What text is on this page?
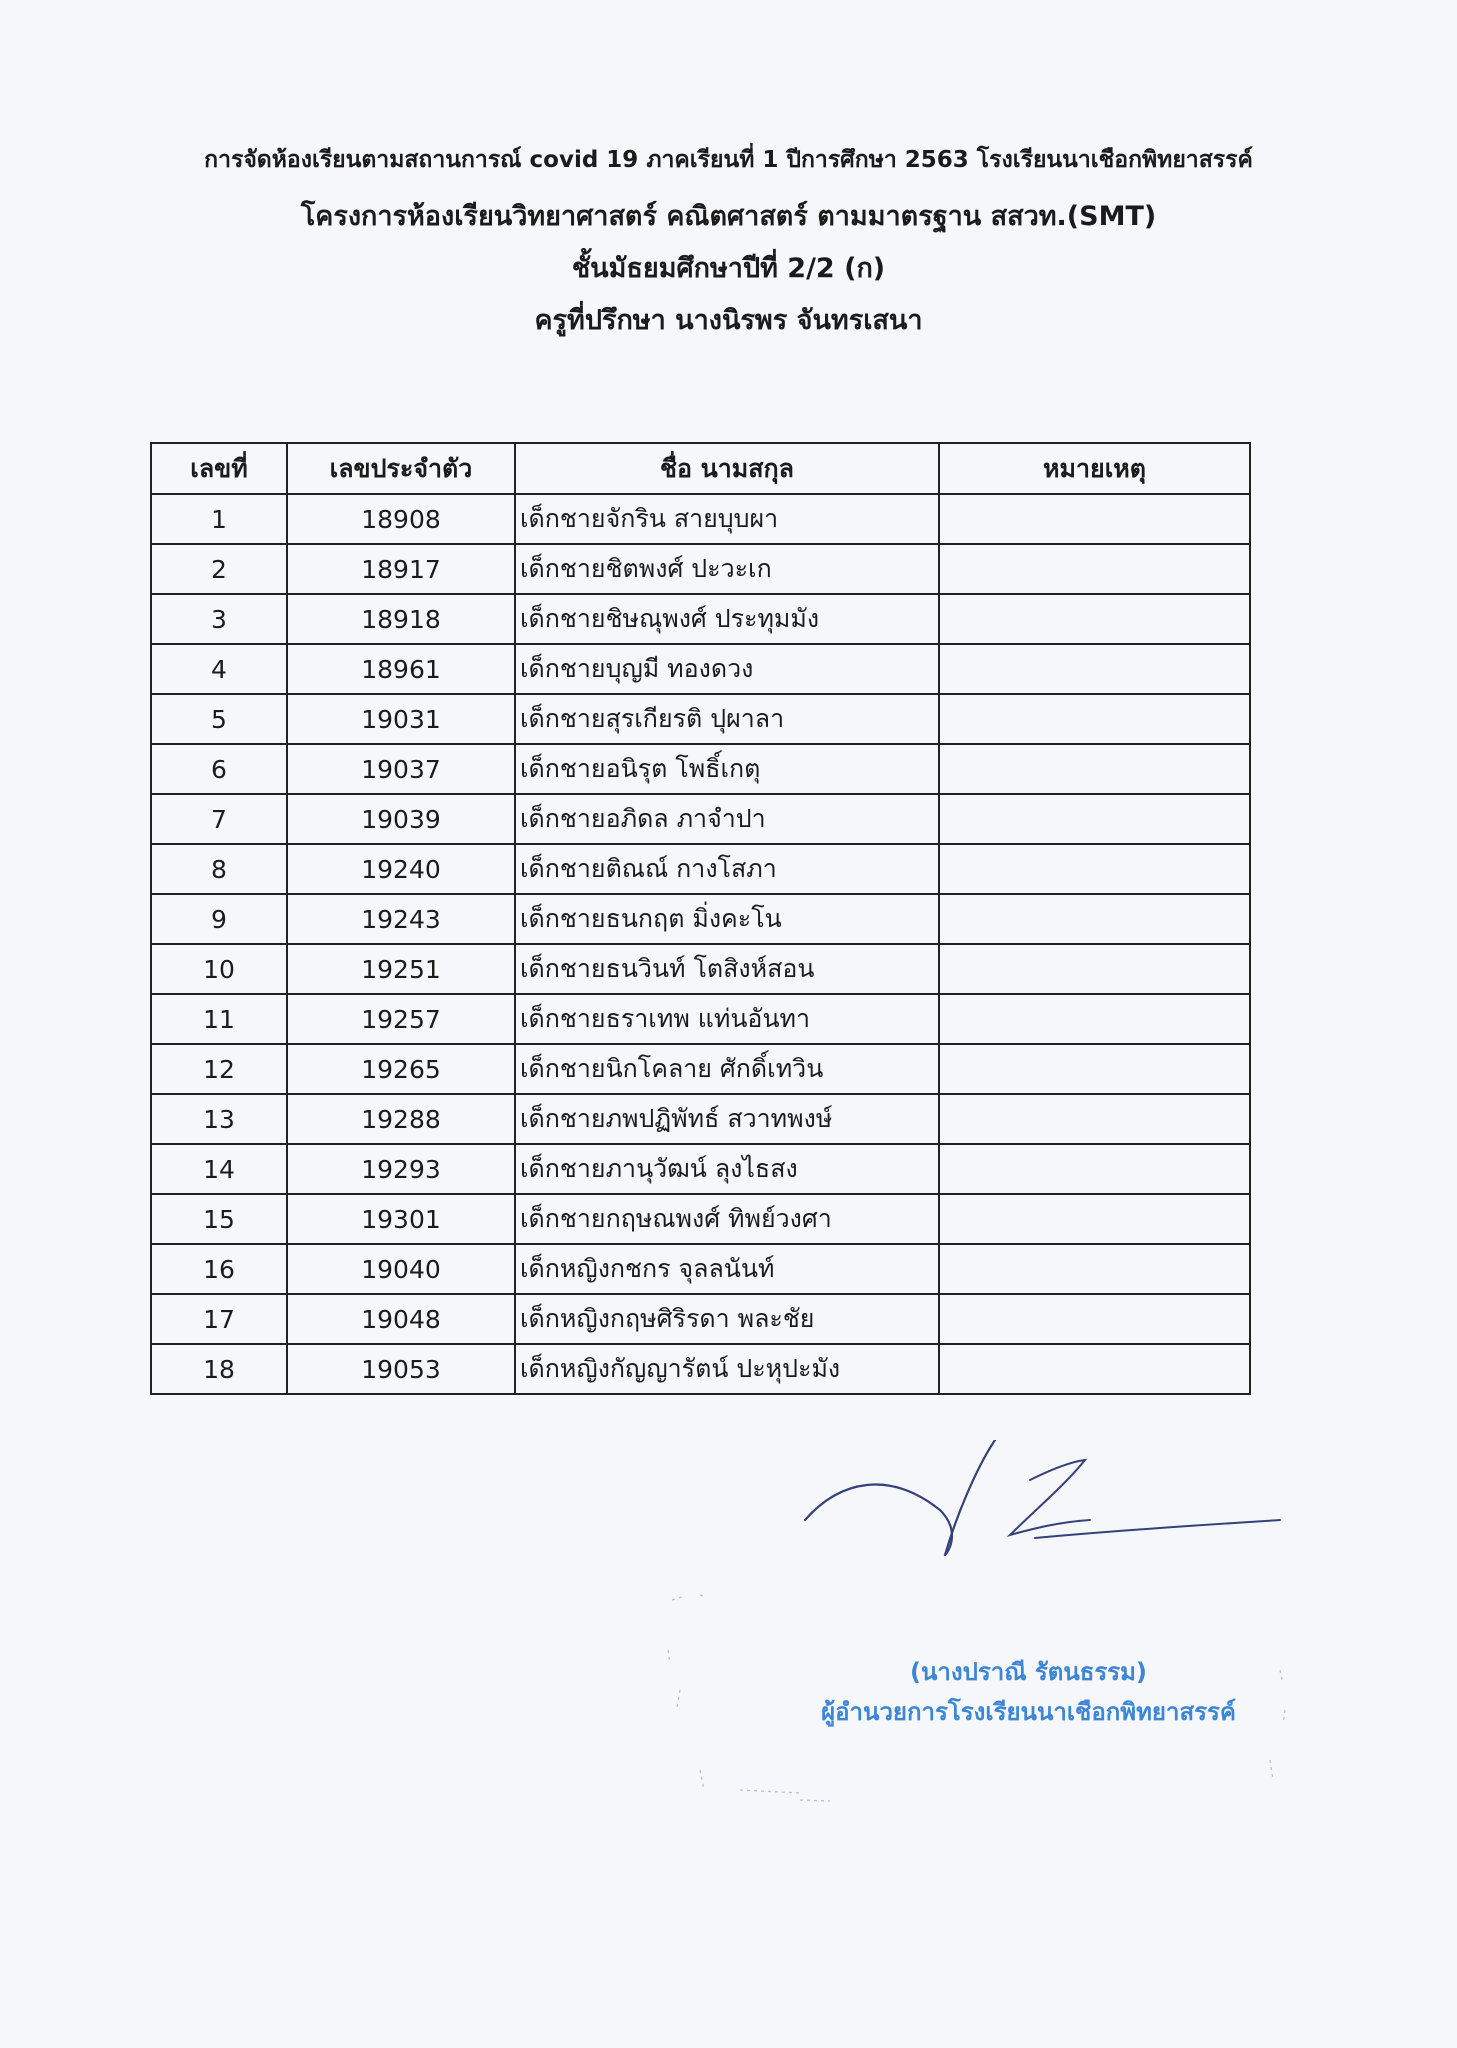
การจัดห้องเรียนตามสถานการณ์ covid 19 ภาคเรียนที่ 1 ปีการศึกษา 2563 โรงเรียนนาเชือกพิทยาสรรค์
โครงการห้องเรียนวิทยาศาสตร์ คณิตศาสตร์ ตามมาตรฐาน สสวท.(SMT)
ชั้นมัธยมศึกษาปีที่ 2/2 (ก)
ครูที่ปรึกษา นางนิรพร จันทรเสนา
เลขที่	เลขประจำตัว	ชื่อ นามสกุล	หมายเหตุ
1	18908	เด็กชายจักริน สายบุบผา	
2	18917	เด็กชายชิตพงศ์ ปะวะเก	
3	18918	เด็กชายชิษณุพงศ์ ประทุมมัง	
4	18961	เด็กชายบุญมี ทองดวง	
5	19031	เด็กชายสุรเกียรติ ปุผาลา	
6	19037	เด็กชายอนิรุต โพธิ์เกตุ	
7	19039	เด็กชายอภิดล ภาจำปา	
8	19240	เด็กชายติณณ์ กางโสภา	
9	19243	เด็กชายธนกฤต มิ่งคะโน	
10	19251	เด็กชายธนวินท์ โตสิงห์สอน	
11	19257	เด็กชายธราเทพ แท่นอันทา	
12	19265	เด็กชายนิกโคลาย ศักดิ์เทวิน	
13	19288	เด็กชายภพปฏิพัทธ์ สวาทพงษ์	
14	19293	เด็กชายภานุวัฒน์ ลุงไธสง	
15	19301	เด็กชายกฤษณพงศ์ ทิพย์วงศา	
16	19040	เด็กหญิงกชกร จุลลนันท์	
17	19048	เด็กหญิงกฤษศิริรดา พละชัย	
18	19053	เด็กหญิงกัญญารัตน์ ปะหุปะมัง	
(นางปราณี รัตนธรรม)
ผู้อำนวยการโรงเรียนนาเชือกพิทยาสรรค์
